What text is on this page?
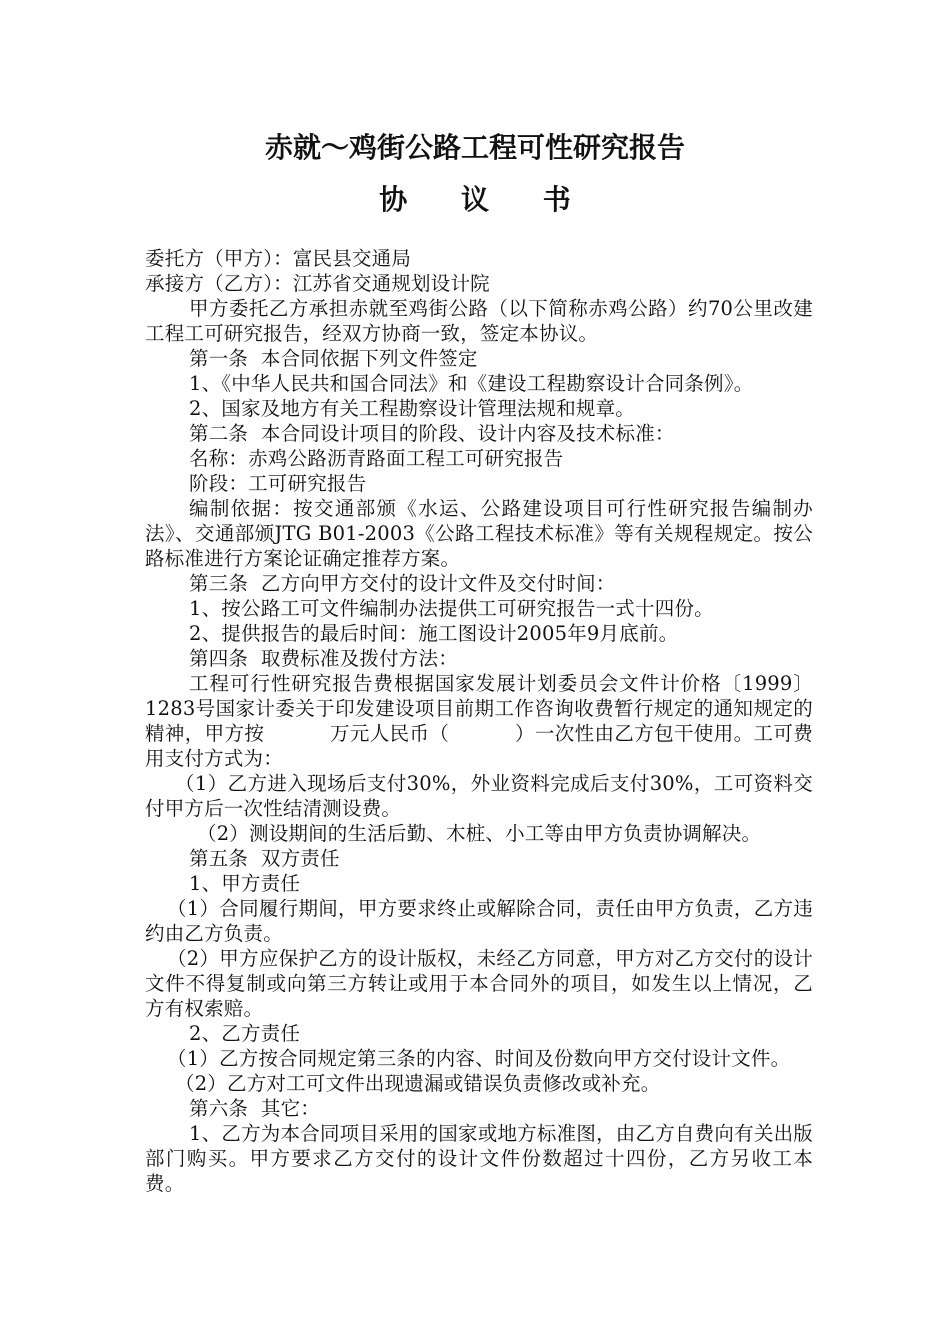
赤就～鸡街公路工程可性研究报告
协 议 书

委托方（甲方）：富民县交通局

承接方（乙方）：江苏省交通规划设计院

甲方委托乙方承担赤就至鸡街公路（以下简称赤鸡公路）约70公里改建工程工可研究报告，经双方协商一致，签定本协议。

第一条  本合同依据下列文件签定

1、《中华人民共和国合同法》和《建设工程勘察设计合同条例》。

2、国家及地方有关工程勘察设计管理法规和规章。

第二条  本合同设计项目的阶段、设计内容及技术标准：

名称：赤鸡公路沥青路面工程工可研究报告

阶段：工可研究报告

编制依据：按交通部颁《水运、公路建设项目可行性研究报告编制办法》、交通部颁JTG B01-2003《公路工程技术标准》等有关规程规定。按公路标准进行方案论证确定推荐方案。

第三条  乙方向甲方交付的设计文件及交付时间：

1、按公路工可文件编制办法提供工可研究报告一式十四份。

2、提供报告的最后时间：施工图设计2005年9月底前。

第四条  取费标准及拨付方法：

工程可行性研究报告费根据国家发展计划委员会文件计价格〔1999〕1283号国家计委关于印发建设项目前期工作咨询收费暂行规定的通知规定的精神，甲方按          万元人民币（          ）一次性由乙方包干使用。工可费用支付方式为：

（1）乙方进入现场后支付30%，外业资料完成后支付30%，工可资料交付甲方后一次性结清测设费。

（2）测设期间的生活后勤、木桩、小工等由甲方负责协调解决。

第五条  双方责任

1、甲方责任

（1）合同履行期间，甲方要求终止或解除合同，责任由甲方负责，乙方违约由乙方负责。

（2）甲方应保护乙方的设计版权，未经乙方同意，甲方对乙方交付的设计文件不得复制或向第三方转让或用于本合同外的项目，如发生以上情况，乙方有权索赔。

2、乙方责任

（1）乙方按合同规定第三条的内容、时间及份数向甲方交付设计文件。

（2）乙方对工可文件出现遗漏或错误负责修改或补充。

第六条  其它：

1、乙方为本合同项目采用的国家或地方标准图，由乙方自费向有关出版部门购买。甲方要求乙方交付的设计文件份数超过十四份，乙方另收工本费。
